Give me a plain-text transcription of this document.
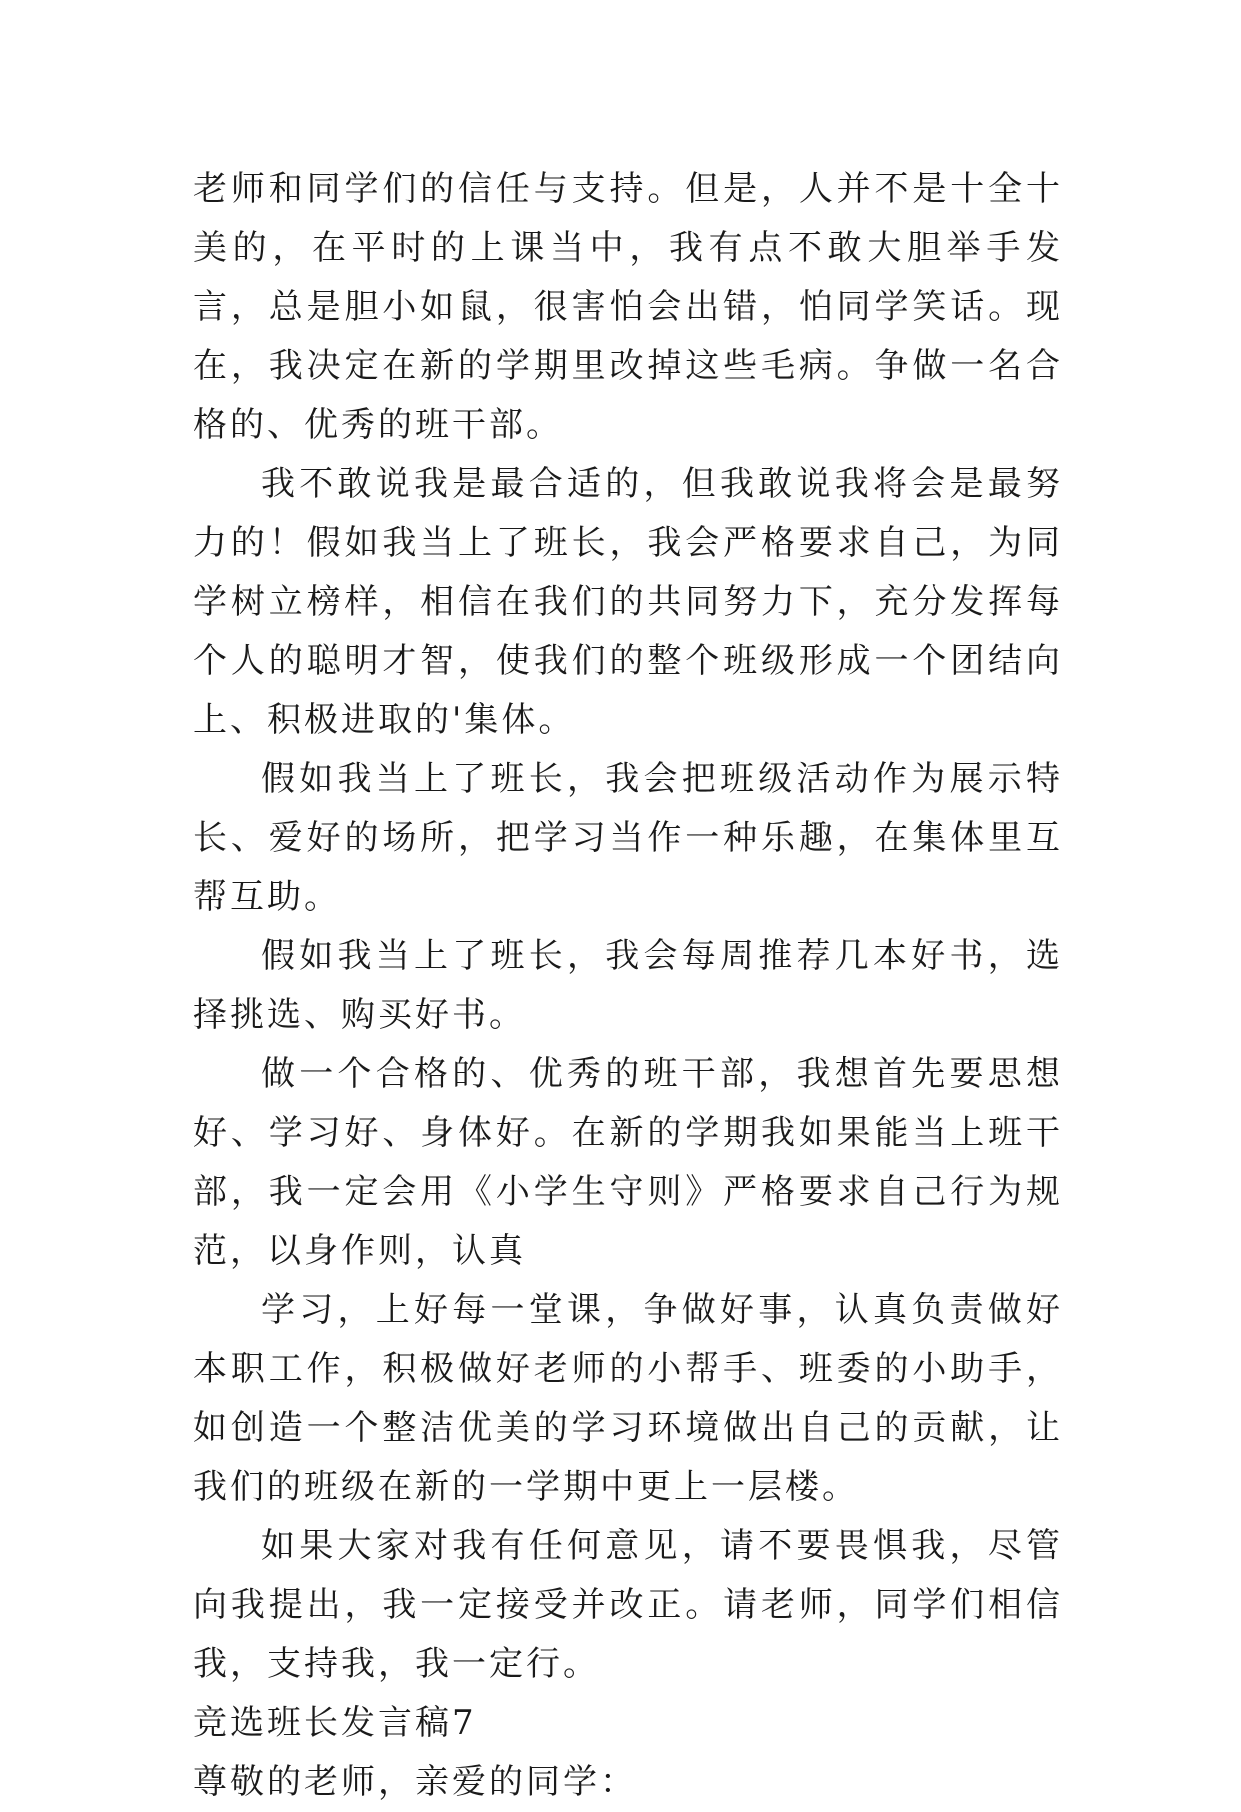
老师和同学们的信任与支持。但是，人并不是十全十美的，在平时的上课当中，我有点不敢大胆举手发言，总是胆小如鼠，很害怕会出错，怕同学笑话。现在，我决定在新的学期里改掉这些毛病。争做一名合格的、优秀的班干部。

我不敢说我是最合适的，但我敢说我将会是最努力的！假如我当上了班长，我会严格要求自己，为同学树立榜样，相信在我们的共同努力下，充分发挥每个人的聪明才智，使我们的整个班级形成一个团结向上、积极进取的'集体。

假如我当上了班长，我会把班级活动作为展示特长、爱好的场所，把学习当作一种乐趣，在集体里互帮互助。

假如我当上了班长，我会每周推荐几本好书，选择挑选、购买好书。

做一个合格的、优秀的班干部，我想首先要思想好、学习好、身体好。在新的学期我如果能当上班干部，我一定会用《小学生守则》严格要求自己行为规范，以身作则，认真

学习，上好每一堂课，争做好事，认真负责做好本职工作，积极做好老师的小帮手、班委的小助手，如创造一个整洁优美的学习环境做出自己的贡献，让我们的班级在新的一学期中更上一层楼。

如果大家对我有任何意见，请不要畏惧我，尽管向我提出，我一定接受并改正。请老师，同学们相信我，支持我，我一定行。

竞选班长发言稿7

尊敬的老师，亲爱的同学：
